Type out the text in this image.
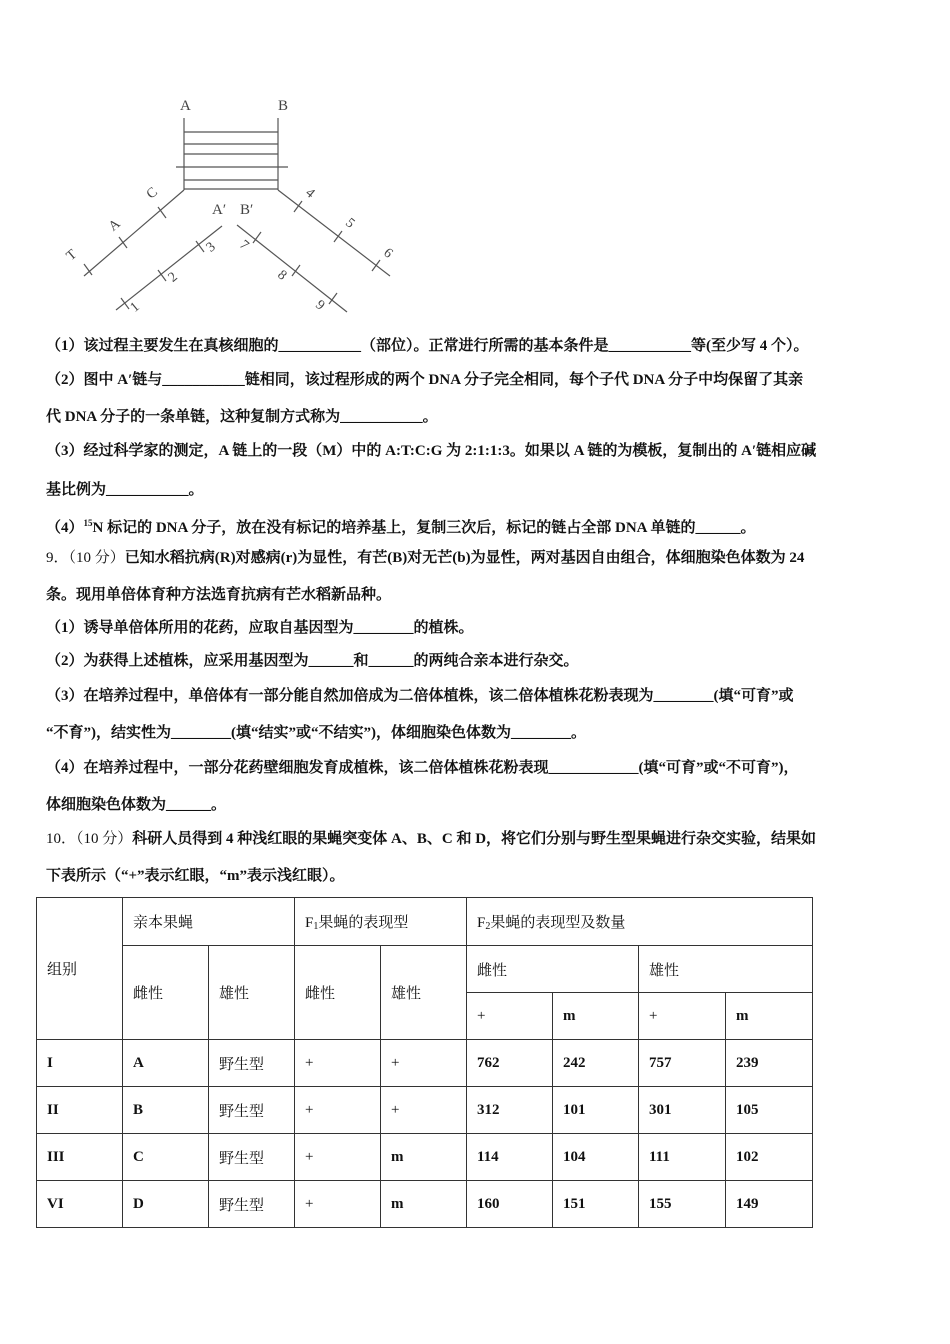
A	B
A′ B′
C
A
T	3
2
1
7
8
9
4
5
6
（1）该过程主要发生在真核细胞的___________（部位）。正常进行所需的基本条件是___________等(至少写 4 个）。
（2）图中 A′链与___________链相同，该过程形成的两个 DNA 分子完全相同，每个子代 DNA 分子中均保留了其亲
代 DNA 分子的一条单链，这种复制方式称为___________。
（3）经过科学家的测定，A 链上的一段（M）中的 A:T:C:G 为 2:1:1:3。如果以 A 链的为模板，复制出的 A′链相应碱
基比例为___________。
$(4)^{15}N$ 标记的 DNA 分子，放在没有标记的培养基上，复制三次后，标记的链占全部 DNA 单链的______。
9．（10 分）已知水稻抗病(R)对感病(r)为显性，有芒(B)对无芒(b)为显性，两对基因自由组合，体细胞染色体数为 24
条。现用单倍体育种方法选育抗病有芒水稻新品种。
（1）诱导单倍体所用的花药，应取自基因型为________的植株。
（2）为获得上述植株，应采用基因型为______和______的两纯合亲本进行杂交。
（3）在培养过程中，单倍体有一部分能自然加倍成为二倍体植株，该二倍体植株花粉表现为________(填“可育”或
“不育”)，结实性为________(填“结实”或“不结实”)，体细胞染色体数为________。
（4）在培养过程中，一部分花药壁细胞发育成植株，该二倍体植株花粉表现____________(填“可育”或“不可育”)，
体细胞染色体数为______。
10．（10 分）科研人员得到 4 种浅红眼的果蝇突变体 A、B、C 和 D，将它们分别与野生型果蝇进行杂交实验，结果如
下表所示（“+”表示红眼，“m”表示浅红眼）。
组别	亲本果蝇		$F_1$果蝇的表现型		$F_2$果蝇的表现型及数量			
	雌性	雄性	雌性	雄性	雌性		雄性	
					+	m	+	m
I	A	野生型	+	+	762	242	757	239
II	B	野生型	+	+	312	101	301	105
III	C	野生型	+	m	114	104	111	102
VI	D	野生型	+	m	160	151	155	149
